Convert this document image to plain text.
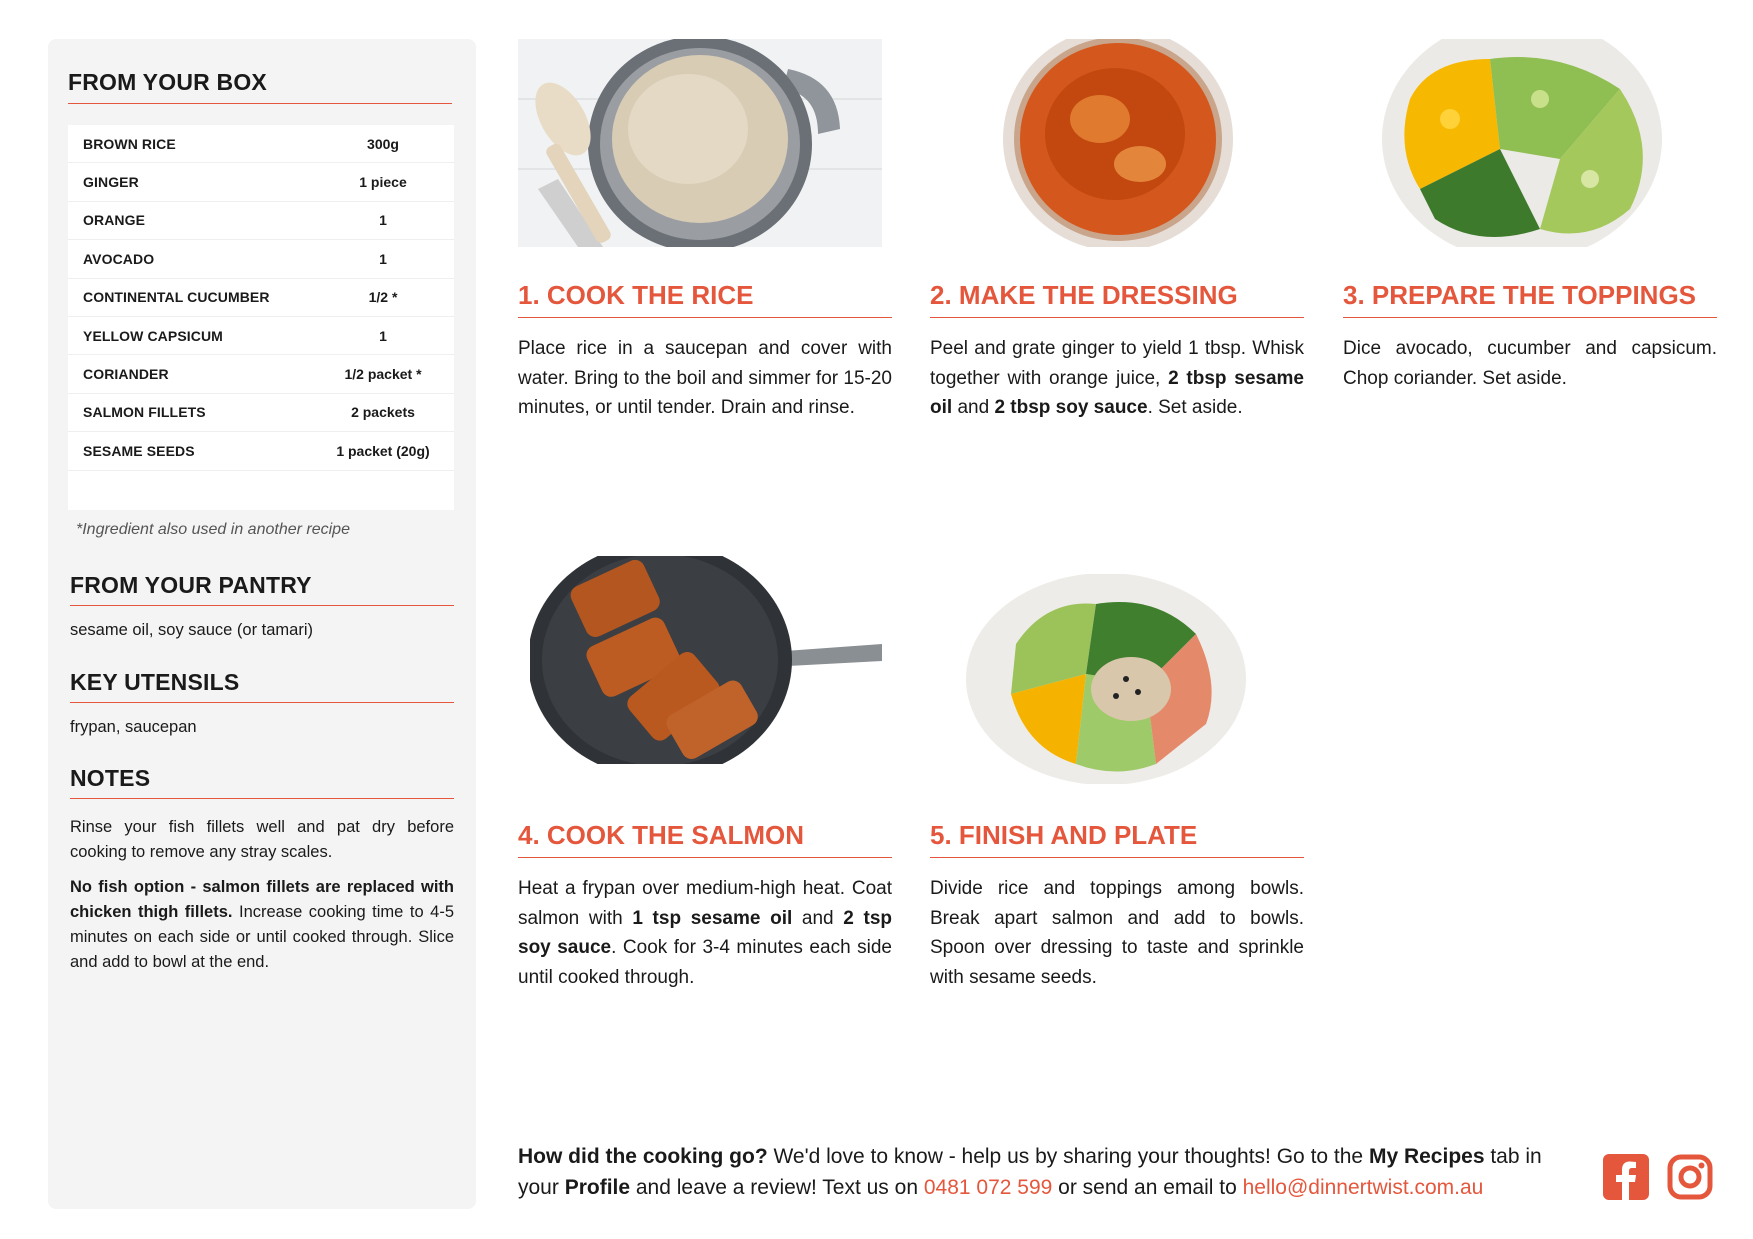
FROM YOUR BOX
BROWN RICE	300g
GINGER	1 piece
ORANGE	1
AVOCADO	1
CONTINENTAL CUCUMBER	1/2 *
YELLOW CAPSICUM	1
CORIANDER	1/2 packet *
SALMON FILLETS	2 packets
SESAME SEEDS	1 packet (20g)
*Ingredient also used in another recipe
FROM YOUR PANTRY
sesame oil, soy sauce (or tamari)
KEY UTENSILS
frypan, saucepan
NOTES

Rinse your fish fillets well and pat dry before cooking to remove any stray scales.

No fish option - salmon fillets are replaced with chicken thigh fillets. Increase cooking time to 4-5 minutes on each side or until cooked through. Slice and add to bowl at the end.

1. COOK THE RICE
Place rice in a saucepan and cover with water. Bring to the boil and simmer for 15-20 minutes, or until tender. Drain and rinse.
2. MAKE THE DRESSING
Peel and grate ginger to yield 1 tbsp. Whisk together with orange juice, 2 tbsp sesame oil and 2 tbsp soy sauce. Set aside.
3. PREPARE THE TOPPINGS
Dice avocado, cucumber and capsicum. Chop coriander. Set aside.
4. COOK THE SALMON
Heat a frypan over medium-high heat. Coat salmon with 1 tsp sesame oil and 2 tsp soy sauce. Cook for 3-4 minutes each side until cooked through.
5. FINISH AND PLATE
Divide rice and toppings among bowls. Break apart salmon and add to bowls. Spoon over dressing to taste and sprinkle with sesame seeds.
How did the cooking go? We'd love to know - help us by sharing your thoughts! Go to the My Recipes tab in your Profile and leave a review! Text us on 0481 072 599 or send an email to hello@dinnertwist.com.au
